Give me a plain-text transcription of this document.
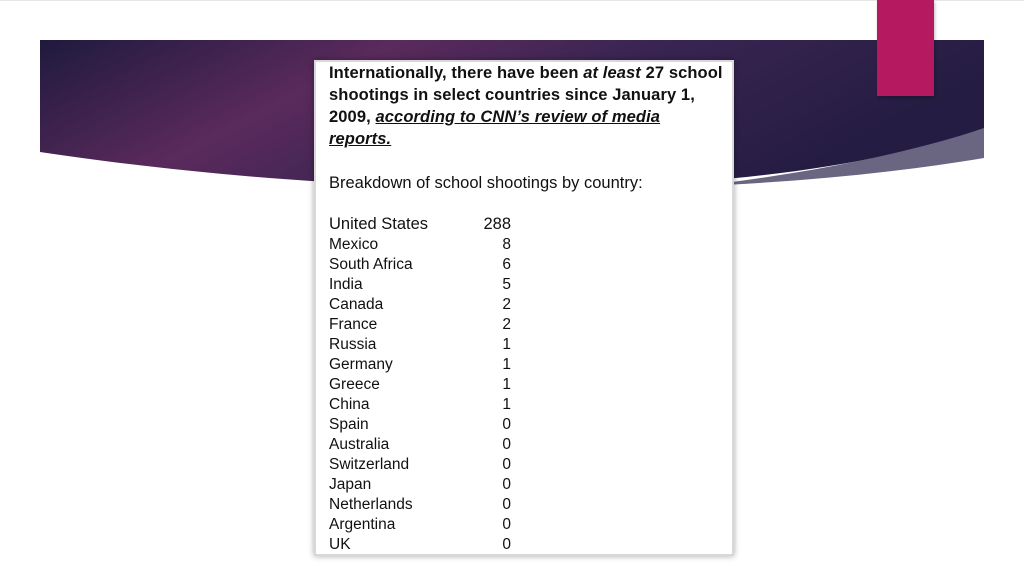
Internationally, there have been at least 27 school shootings in select countries since January 1, 2009, according to CNN’s review of media reports.
Breakdown of school shootings by country:
United States	288
Mexico	8
South Africa	6
India	5
Canada	2
France	2
Russia	1
Germany	1
Greece	1
China	1
Spain	0
Australia	0
Switzerland	0
Japan	0
Netherlands	0
Argentina	0
UK	0
